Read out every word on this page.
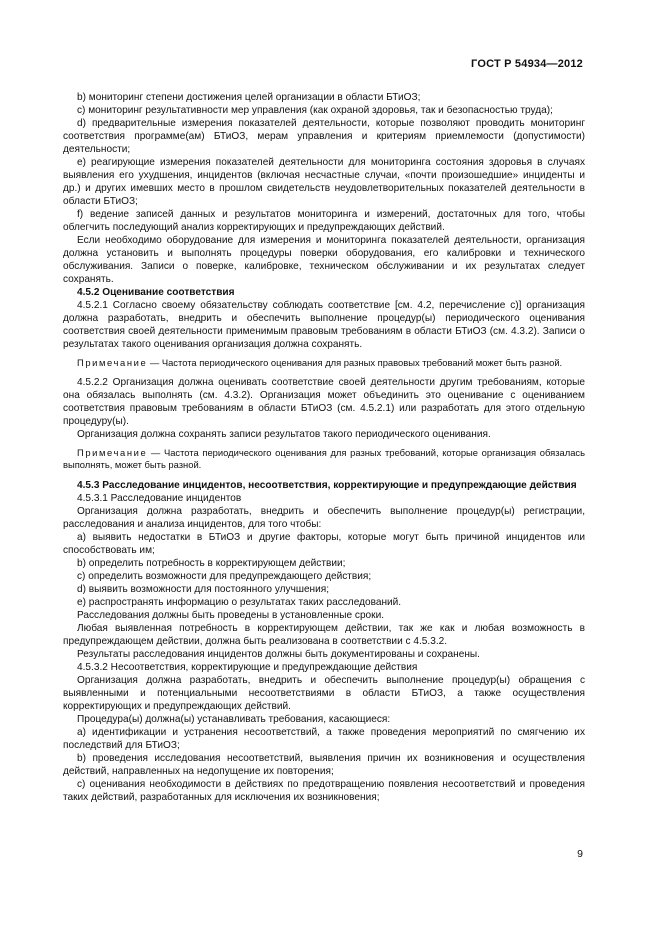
ГОСТ Р 54934—2012

b) мониторинг степени достижения целей организации в области БТиОЗ;

c) мониторинг результативности мер управления (как охраной здоровья, так и безопасностью труда);

d) предварительные измерения показателей деятельности, которые позволяют проводить мониторинг соответствия программе(ам) БТиОЗ, мерам управления и критериям приемлемости (допустимости) деятельности;

e) реагирующие измерения показателей деятельности для мониторинга состояния здоровья в случаях выявления его ухудшения, инцидентов (включая несчастные случаи, «почти произошедшие» инциденты и др.) и других имевших место в прошлом свидетельств неудовлетворительных показателей деятельности в области БТиОЗ;

f) ведение записей данных и результатов мониторинга и измерений, достаточных для того, чтобы облегчить последующий анализ корректирующих и предупреждающих действий.

Если необходимо оборудование для измерения и мониторинга показателей деятельности, организация должна установить и выполнять процедуры поверки оборудования, его калибровки и технического обслуживания. Записи о поверке, калибровке, техническом обслуживании и их результатах следует сохранять.

4.5.2 Оценивание соответствия

4.5.2.1 Согласно своему обязательству соблюдать соответствие [см. 4.2, перечисление с)] организация должна разработать, внедрить и обеспечить выполнение процедур(ы) периодического оценивания соответствия своей деятельности применимым правовым требованиям в области БТиОЗ (см. 4.3.2). Записи о результатах такого оценивания организация должна сохранять.

Примечание — Частота периодического оценивания для разных правовых требований может быть разной.

4.5.2.2 Организация должна оценивать соответствие своей деятельности другим требованиям, которые она обязалась выполнять (см. 4.3.2). Организация может объединить это оценивание с оцениванием соответствия правовым требованиям в области БТиОЗ (см. 4.5.2.1) или разработать для этого отдельную процедуру(ы).

Организация должна сохранять записи результатов такого периодического оценивания.

Примечание — Частота периодического оценивания для разных требований, которые организация обязалась выполнять, может быть разной.

4.5.3 Расследование инцидентов, несоответствия, корректирующие и предупреждающие действия

4.5.3.1 Расследование инцидентов

Организация должна разработать, внедрить и обеспечить выполнение процедур(ы) регистрации, расследования и анализа инцидентов, для того чтобы:

a) выявить недостатки в БТиОЗ и другие факторы, которые могут быть причиной инцидентов или способствовать им;

b) определить потребность в корректирующем действии;

c) определить возможности для предупреждающего действия;

d) выявить возможности для постоянного улучшения;

e) распространять информацию о результатах таких расследований.

Расследования должны быть проведены в установленные сроки.

Любая выявленная потребность в корректирующем действии, так же как и любая возможность в предупреждающем действии, должна быть реализована в соответствии с 4.5.3.2.

Результаты расследования инцидентов должны быть документированы и сохранены.

4.5.3.2 Несоответствия, корректирующие и предупреждающие действия

Организация должна разработать, внедрить и обеспечить выполнение процедур(ы) обращения с выявленными и потенциальными несоответствиями в области БТиОЗ, а также осуществления корректирующих и предупреждающих действий.

Процедура(ы) должна(ы) устанавливать требования, касающиеся:

a) идентификации и устранения несоответствий, а также проведения мероприятий по смягчению их последствий для БТиОЗ;

b) проведения исследования несоответствий, выявления причин их возникновения и осуществления действий, направленных на недопущение их повторения;

c) оценивания необходимости в действиях по предотвращению появления несоответствий и проведения таких действий, разработанных для исключения их возникновения;

9
